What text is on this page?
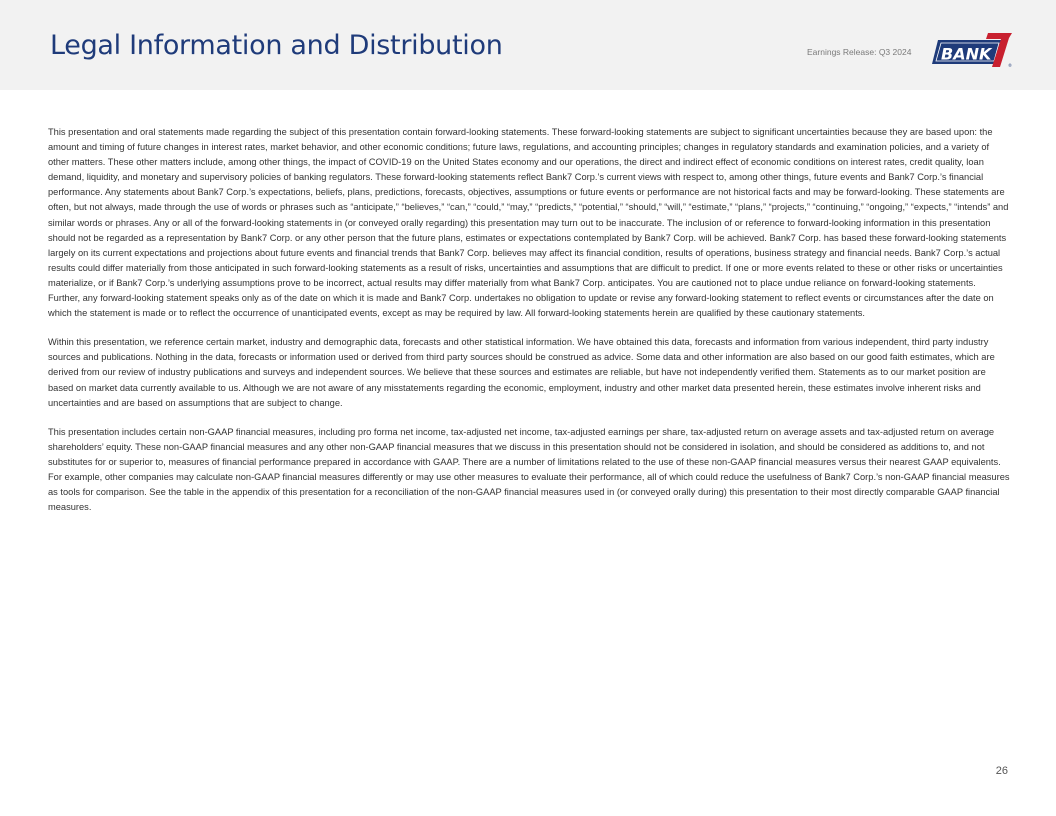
Legal Information and Distribution	Earnings Release: Q3 2024 BANK
®

This presentation and oral statements made regarding the subject of this presentation contain forward-looking statements. These forward-looking statements are subject to significant uncertainties because they are based upon: the amount and timing of future changes in interest rates, market behavior, and other economic conditions; future laws, regulations, and accounting principles; changes in regulatory standards and examination policies, and a variety of other matters. These other matters include, among other things, the impact of COVID-19 on the United States economy and our operations, the direct and indirect effect of economic conditions on interest rates, credit quality, loan demand, liquidity, and monetary and supervisory policies of banking regulators. These forward-looking statements reflect Bank7 Corp.’s current views with respect to, among other things, future events and Bank7 Corp.’s financial performance. Any statements about Bank7 Corp.’s expectations, beliefs, plans, predictions, forecasts, objectives, assumptions or future events or performance are not historical facts and may be forward-looking. These statements are often, but not always, made through the use of words or phrases such as “anticipate,” “believes,” “can,” “could,” “may,” “predicts,” “potential,” “should,” “will,” “estimate,” “plans,” “projects,” “continuing,” “ongoing,” “expects,” “intends” and similar words or phrases. Any or all of the forward-looking statements in (or conveyed orally regarding) this presentation may turn out to be inaccurate. The inclusion of or reference to forward-looking information in this presentation should not be regarded as a representation by Bank7 Corp. or any other person that the future plans, estimates or expectations contemplated by Bank7 Corp. will be achieved. Bank7 Corp. has based these forward-looking statements largely on its current expectations and projections about future events and financial trends that Bank7 Corp. believes may affect its financial condition, results of operations, business strategy and financial needs. Bank7 Corp.’s actual results could differ materially from those anticipated in such forward-looking statements as a result of risks, uncertainties and assumptions that are difficult to predict. If one or more events related to these or other risks or uncertainties materialize, or if Bank7 Corp.’s underlying assumptions prove to be incorrect, actual results may differ materially from what Bank7 Corp. anticipates. You are cautioned not to place undue reliance on forward-looking statements. Further, any forward-looking statement speaks only as of the date on which it is made and Bank7 Corp. undertakes no obligation to update or revise any forward-looking statement to reflect events or circumstances after the date on which the statement is made or to reflect the occurrence of unanticipated events, except as may be required by law. All forward-looking statements herein are qualified by these cautionary statements.

Within this presentation, we reference certain market, industry and demographic data, forecasts and other statistical information. We have obtained this data, forecasts and information from various independent, third party industry sources and publications. Nothing in the data, forecasts or information used or derived from third party sources should be construed as advice. Some data and other information are also based on our good faith estimates, which are derived from our review of industry publications and surveys and independent sources. We believe that these sources and estimates are reliable, but have not independently verified them. Statements as to our market position are based on market data currently available to us. Although we are not aware of any misstatements regarding the economic, employment, industry and other market data presented herein, these estimates involve inherent risks and uncertainties and are based on assumptions that are subject to change.

This presentation includes certain non-GAAP financial measures, including pro forma net income, tax-adjusted net income, tax-adjusted earnings per share, tax-adjusted return on average assets and tax-adjusted return on average shareholders’ equity. These non-GAAP financial measures and any other non-GAAP financial measures that we discuss in this presentation should not be considered in isolation, and should be considered as additions to, and not substitutes for or superior to, measures of financial performance prepared in accordance with GAAP. There are a number of limitations related to the use of these non-GAAP financial measures versus their nearest GAAP equivalents. For example, other companies may calculate non-GAAP financial measures differently or may use other measures to evaluate their performance, all of which could reduce the usefulness of Bank7 Corp.’s non-GAAP financial measures as tools for comparison. See the table in the appendix of this presentation for a reconciliation of the non-GAAP financial measures used in (or conveyed orally during) this presentation to their most directly comparable GAAP financial measures.

26
